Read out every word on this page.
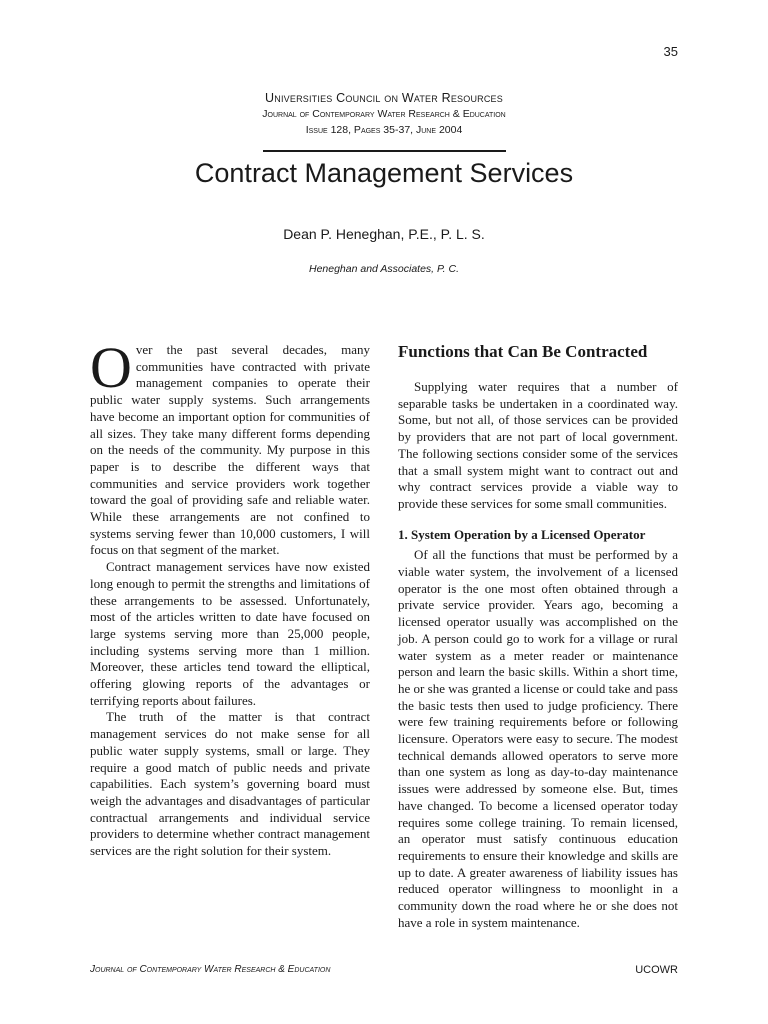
35
Universities Council on Water Resources
Journal of Contemporary Water Research & Education
Issue 128, Pages 35-37, June 2004
Contract Management Services
Dean P. Heneghan, P.E., P. L. S.
Heneghan and Associates, P. C.

Over the past several decades, many communities have contracted with private management companies to operate their public water supply systems. Such arrangements have become an important option for communities of all sizes. They take many different forms depending on the needs of the community. My purpose in this paper is to describe the different ways that communities and service providers work together toward the goal of providing safe and reliable water. While these arrangements are not confined to systems serving fewer than 10,000 customers, I will focus on that segment of the market.

Contract management services have now existed long enough to permit the strengths and limitations of these arrangements to be assessed. Unfortunately, most of the articles written to date have focused on large systems serving more than 25,000 people, including systems serving more than 1 million. Moreover, these articles tend toward the elliptical, offering glowing reports of the advantages or terrifying reports about failures.

The truth of the matter is that contract management services do not make sense for all public water supply systems, small or large. They require a good match of public needs and private capabilities. Each system’s governing board must weigh the advantages and disadvantages of particular contractual arrangements and individual service providers to determine whether contract management services are the right solution for their system.

Functions that Can Be Contracted

Supplying water requires that a number of separable tasks be undertaken in a coordinated way. Some, but not all, of those services can be provided by providers that are not part of local government. The following sections consider some of the services that a small system might want to contract out and why contract services provide a viable way to provide these services for some small communities.

1. System Operation by a Licensed Operator

Of all the functions that must be performed by a viable water system, the involvement of a licensed operator is the one most often obtained through a private service provider. Years ago, becoming a licensed operator usually was accomplished on the job. A person could go to work for a village or rural water system as a meter reader or maintenance person and learn the basic skills. Within a short time, he or she was granted a license or could take and pass the basic tests then used to judge proficiency. There were few training requirements before or following licensure. Operators were easy to secure. The modest technical demands allowed operators to serve more than one system as long as day-to-day maintenance issues were addressed by someone else. But, times have changed. To become a licensed operator today requires some college training. To remain licensed, an operator must satisfy continuous education requirements to ensure their knowledge and skills are up to date. A greater awareness of liability issues has reduced operator willingness to moonlight in a community down the road where he or she does not have a role in system maintenance.

Journal of Contemporary Water Research & Education	UCOWR
